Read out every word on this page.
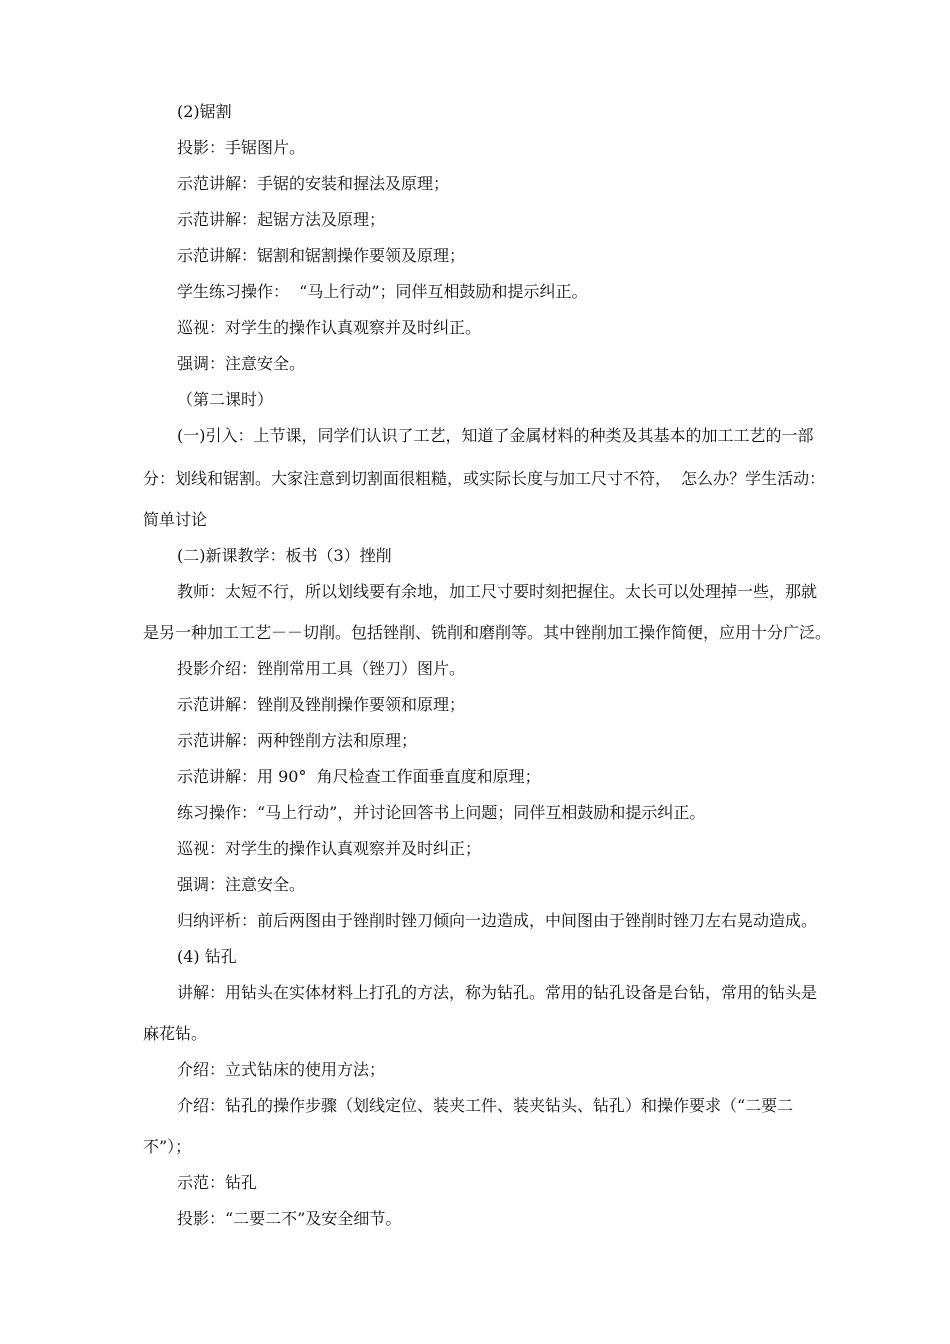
(2)锯割
投影：手锯图片。
示范讲解：手锯的安装和握法及原理；
示范讲解：起锯方法及原理；
示范讲解：锯割和锯割操作要领及原理；
学生练习操作：  “马上行动”；同伴互相鼓励和提示纠正。
巡视：对学生的操作认真观察并及时纠正。
强调：注意安全。
（第二课时）
(一)引入：上节课，同学们认识了工艺，知道了金属材料的种类及其基本的加工工艺的一部
分：划线和锯割。大家注意到切割面很粗糙，或实际长度与加工尺寸不符，  怎么办？学生活动：
简单讨论
(二)新课教学：板书（3）挫削
教师：太短不行，所以划线要有余地，加工尺寸要时刻把握住。太长可以处理掉一些，那就
是另一种加工工艺－－切削。包括锉削、铣削和磨削等。其中锉削加工操作简便，应用十分广泛。
投影介绍：锉削常用工具（锉刀）图片。
示范讲解：锉削及锉削操作要领和原理；
示范讲解：两种锉削方法和原理；
示范讲解：用 90°  角尺检查工作面垂直度和原理；
练习操作：“马上行动”，并讨论回答书上问题；同伴互相鼓励和提示纠正。
巡视：对学生的操作认真观察并及时纠正；
强调：注意安全。
归纳评析：前后两图由于锉削时锉刀倾向一边造成，中间图由于锉削时锉刀左右晃动造成。
(4) 钻孔
讲解：用钻头在实体材料上打孔的方法，称为钻孔。常用的钻孔设备是台钻，常用的钻头是
麻花钻。
介绍：立式钻床的使用方法；
介绍：钻孔的操作步骤（划线定位、装夹工件、装夹钻头、钻孔）和操作要求（“二要二
不”）；
示范：钻孔
投影：“二要二不”及安全细节。
